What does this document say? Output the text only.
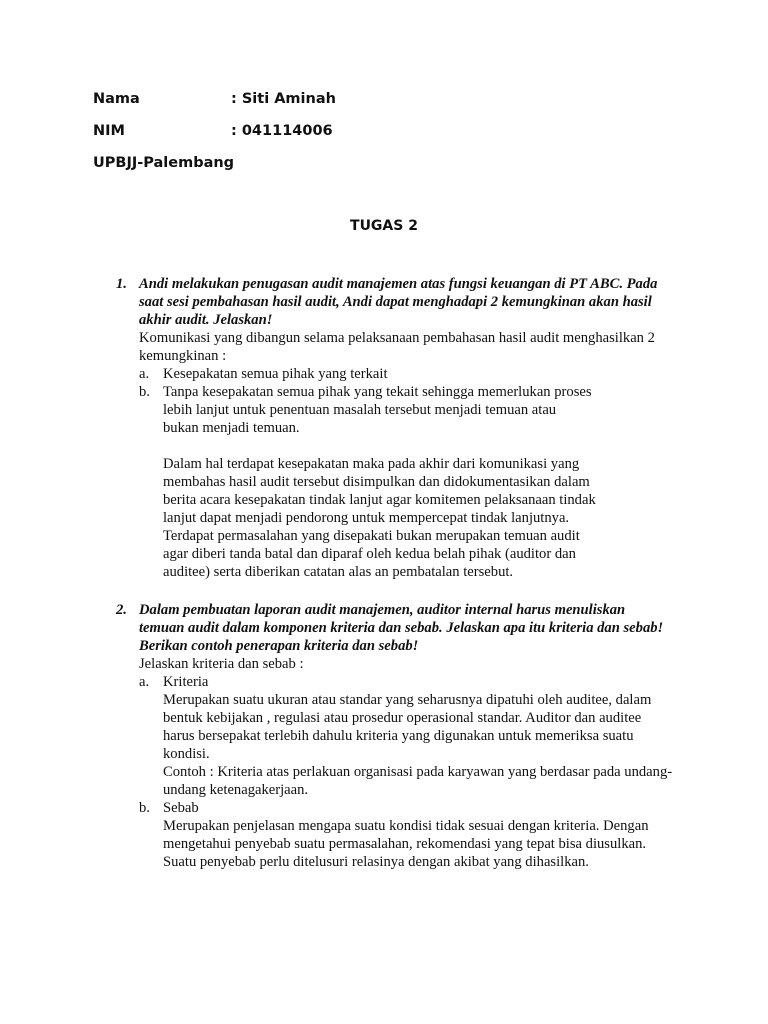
Nama	: Siti Aminah
NIM	: 041114006
UPBJJ-Palembang
TUGAS 2
1. Andi melakukan penugasan audit manajemen atas fungsi keuangan di PT ABC. Pada saat sesi pembahasan hasil audit, Andi dapat menghadapi 2 kemungkinan akan hasil akhir audit. Jelaskan!
Komunikasi yang dibangun selama pelaksanaan pembahasan hasil audit menghasilkan 2 kemungkinan :
a. Kesepakatan semua pihak yang terkait
b. Tanpa kesepakatan semua pihak yang tekait sehingga memerlukan proses lebih lanjut untuk penentuan masalah tersebut menjadi temuan atau bukan menjadi temuan.
Dalam hal terdapat kesepakatan maka pada akhir dari komunikasi yang membahas hasil audit tersebut disimpulkan dan didokumentasikan dalam berita acara kesepakatan tindak lanjut agar komitemen pelaksanaan tindak lanjut dapat menjadi pendorong untuk mempercepat tindak lanjutnya.
Terdapat permasalahan yang disepakati bukan merupakan temuan audit agar diberi tanda batal dan diparaf oleh kedua belah pihak (auditor dan auditee) serta diberikan catatan alas an pembatalan tersebut.
2. Dalam pembuatan laporan audit manajemen, auditor internal harus menuliskan temuan audit dalam komponen kriteria dan sebab. Jelaskan apa itu kriteria dan sebab! Berikan contoh penerapan kriteria dan sebab!
Jelaskan kriteria dan sebab :
a. Kriteria
Merupakan suatu ukuran atau standar yang seharusnya dipatuhi oleh auditee, dalam bentuk kebijakan , regulasi atau prosedur operasional standar. Auditor dan auditee harus bersepakat terlebih dahulu kriteria yang digunakan untuk memeriksa suatu kondisi.
Contoh : Kriteria atas perlakuan organisasi pada karyawan yang berdasar pada undang-undang ketenagakerjaan.
b. Sebab
Merupakan penjelasan mengapa suatu kondisi tidak sesuai dengan kriteria. Dengan mengetahui penyebab suatu permasalahan, rekomendasi yang tepat bisa diusulkan. Suatu penyebab perlu ditelusuri relasinya dengan akibat yang dihasilkan.
